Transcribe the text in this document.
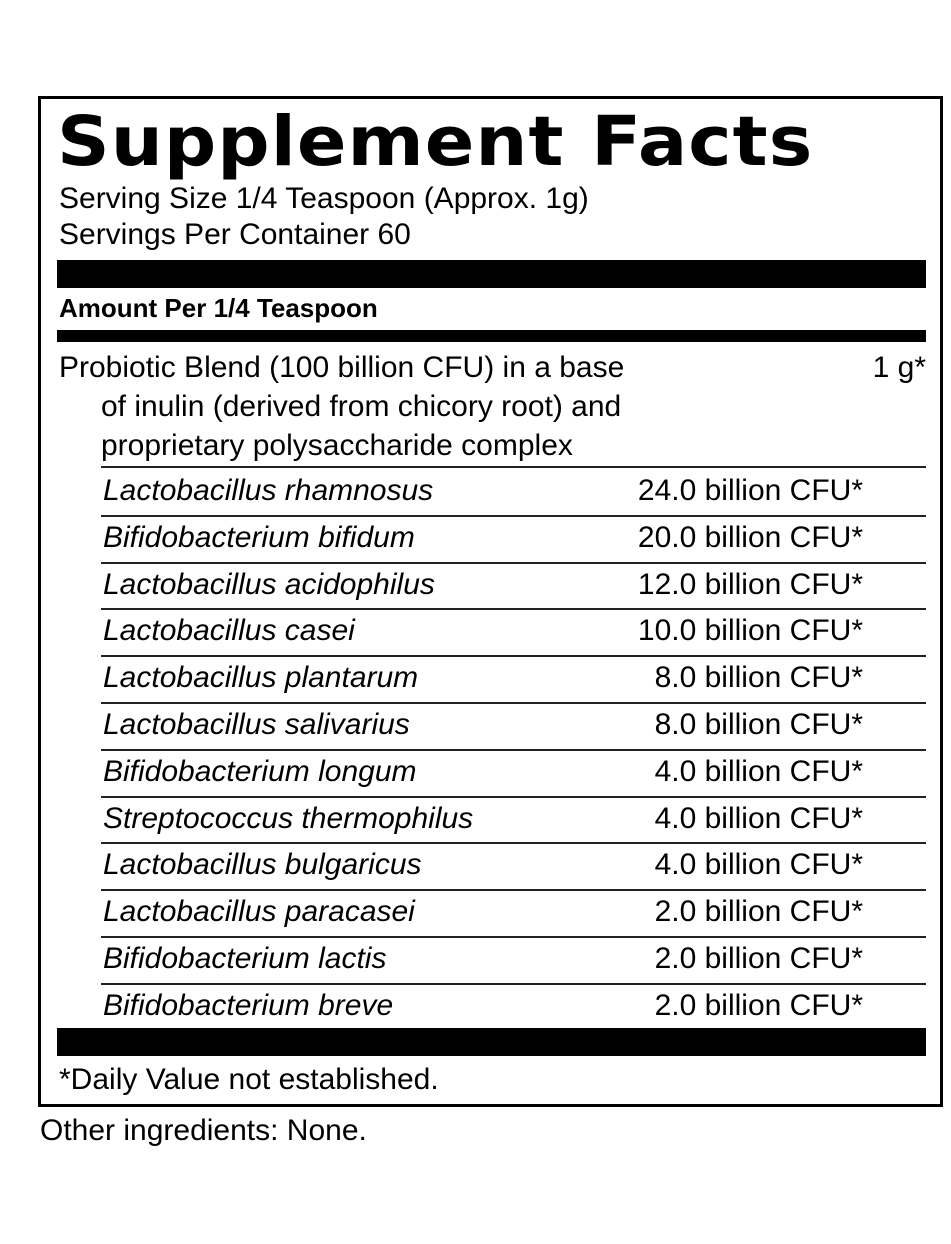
Supplement Facts
Serving Size 1/4 Teaspoon (Approx. 1g)
Servings Per Container 60
Amount Per 1/4 Teaspoon
Probiotic Blend (100 billion CFU) in a base	1 g*
of inulin (derived from chicory root) and
proprietary polysaccharide complex
Lactobacillus rhamnosus	24.0 billion CFU*
Bifidobacterium bifidum	20.0 billion CFU*
Lactobacillus acidophilus	12.0 billion CFU*
Lactobacillus casei	10.0 billion CFU*
Lactobacillus plantarum	8.0 billion CFU*
Lactobacillus salivarius	8.0 billion CFU*
Bifidobacterium longum	4.0 billion CFU*
Streptococcus thermophilus	4.0 billion CFU*
Lactobacillus bulgaricus	4.0 billion CFU*
Lactobacillus paracasei	2.0 billion CFU*
Bifidobacterium lactis	2.0 billion CFU*
Bifidobacterium breve	2.0 billion CFU*
*Daily Value not established.
Other ingredients: None.
